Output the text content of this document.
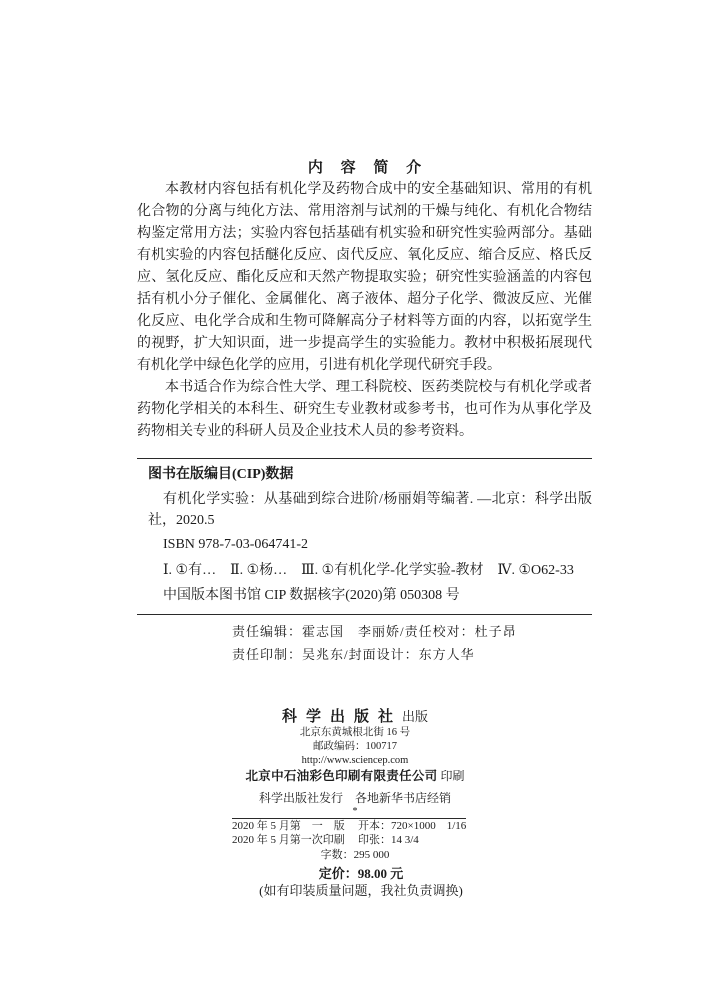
内 容 简 介
本教材内容包括有机化学及药物合成中的安全基础知识、常用的有机
化合物的分离与纯化方法、常用溶剂与试剂的干燥与纯化、有机化合物结
构鉴定常用方法；实验内容包括基础有机实验和研究性实验两部分。基础
有机实验的内容包括醚化反应、卤代反应、氧化反应、缩合反应、格氏反
应、氢化反应、酯化反应和天然产物提取实验；研究性实验涵盖的内容包
括有机小分子催化、金属催化、离子液体、超分子化学、微波反应、光催
化反应、电化学合成和生物可降解高分子材料等方面的内容，以拓宽学生
的视野，扩大知识面，进一步提高学生的实验能力。教材中积极拓展现代
有机化学中绿色化学的应用，引进有机化学现代研究手段。
本书适合作为综合性大学、理工科院校、医药类院校与有机化学或者
药物化学相关的本科生、研究生专业教材或参考书，也可作为从事化学及
药物相关专业的科研人员及企业技术人员的参考资料。
图书在版编目(CIP)数据
有机化学实验：从基础到综合进阶/杨丽娟等编著. —北京：科学出版
社，2020.5
ISBN 978-7-03-064741-2
Ⅰ. ①有…　Ⅱ. ①杨…　Ⅲ. ①有机化学-化学实验-教材　Ⅳ. ①O62-33
中国版本图书馆 CIP 数据核字(2020)第 050308 号
责任编辑：霍志国　李丽娇/责任校对：杜子昂
责任印制：吴兆东/封面设计：东方人华
科学出版社出版
北京东黄城根北街 16 号
邮政编码：100717
http://www.sciencep.com
北京中石油彩色印刷有限责任公司 印刷
科学出版社发行　各地新华书店经销
*
2020 年 5 月第　一　版 开本：720×1000　1/16
2020 年 5 月第一次印刷 印张：14 3/4
字数：295 000
定价：98.00 元
(如有印装质量问题，我社负责调换)
